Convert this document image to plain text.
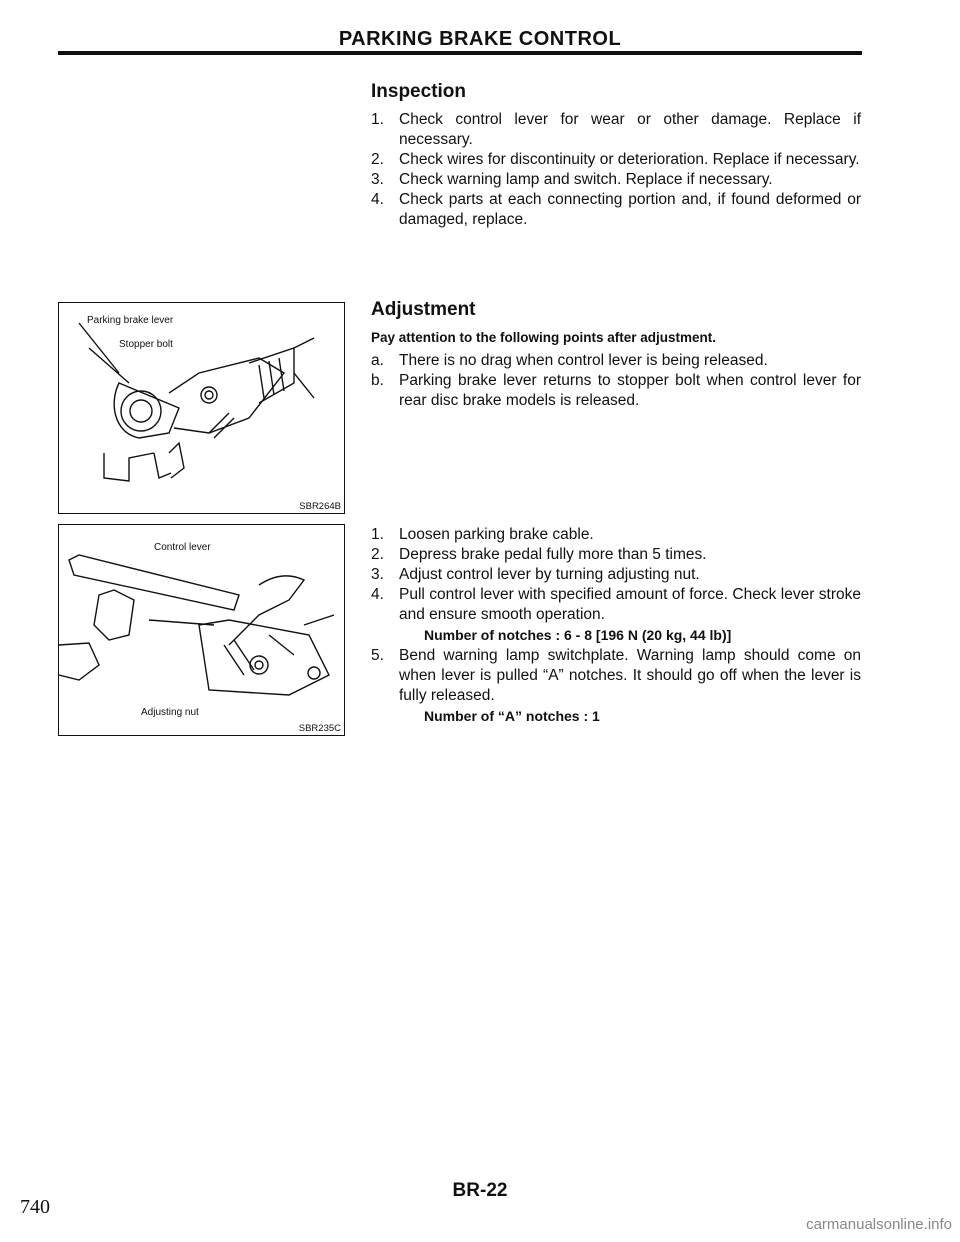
PARKING BRAKE CONTROL
Inspection
1. Check control lever for wear or other damage. Replace if necessary.
2. Check wires for discontinuity or deterioration. Replace if necessary.
3. Check warning lamp and switch. Replace if necessary.
4. Check parts at each connecting portion and, if found deformed or damaged, replace.
Adjustment
Pay attention to the following points after adjustment.
a. There is no drag when control lever is being released.
b. Parking brake lever returns to stopper bolt when control lever for rear disc brake models is released.
1. Loosen parking brake cable.
2. Depress brake pedal fully more than 5 times.
3. Adjust control lever by turning adjusting nut.
4. Pull control lever with specified amount of force. Check lever stroke and ensure smooth operation.
Number of notches : 6 - 8 [196 N (20 kg, 44 lb)]
5. Bend warning lamp switchplate. Warning lamp should come on when lever is pulled “A” notches. It should go off when the lever is fully released.
Number of “A” notches : 1
Parking brake lever
Stopper bolt
SBR264B
Control lever
Adjusting nut
SBR235C
BR-22
740
carmanualsonline.info
